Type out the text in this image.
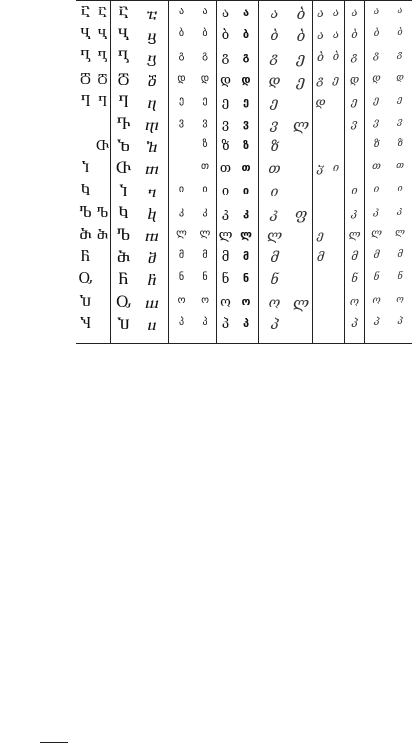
Ⴀ
Ⴁ
Ⴂ
Ⴃ
Ⴄ
Ⴈ
Ⴉ
Ⴊ
Ⴋ
Ⴌ
Ⴍ
Ⴎ
Ⴏ
Ⴀ
Ⴁ
Ⴂ
Ⴃ
Ⴄ
Ⴇ
Ⴊ
Ⴋ
Ⴀ
Ⴁ
Ⴂ
Ⴃ
Ⴄ
Ⴅ
Ⴆ
Ⴇ
Ⴈ
Ⴉ
Ⴊ
Ⴋ
Ⴌ
Ⴍ
Ⴎ
ⴀ
ⴁ
ⴂ
ⴃ
ⴄ
ⴅ
ⴆ
ⴇ
ⴈ
ⴉ
ⴊ
ⴋ
ⴌ
ⴍ
ⴎ
ა
ბ
გ
დ
ე
ვ
ი
კ
ლ
მ
ნ
ო
პ
ა
ბ
გ
დ
ე
ვ
ზ
თ
ი
კ
ლ
მ
ნ
ო
პ
ა
ბ
გ
დ
ე
ვ
ზ
თ
ი
კ
ლ
მ
ნ
ო
პ
ა
ბ
გ
დ
ე
ვ
ზ
თ
ი
კ
ლ
მ
ნ
ო
პ
ა
ბ
გ
დ
ე
ვ
ზ
თ
ი
კ
ლ
მ
ნ
ო
პ
ბ
ბ
ე
ე
ლ
ფ
ლ
ა
ა
ბ
გ
დ
ჳ
ე
მ
ა
ა
ბ
ე
ი
ა
ბ
გ
დ
ე
ვ
ი
კ
ლ
მ
ნ
ო
პ
ა
ბ
გ
დ
ე
ვ
ზ
თ
ი
კ
ლ
მ
ნ
ო
პ
ა
ბ
გ
დ
ე
ვ
ზ
თ
ი
კ
ლ
მ
ნ
ო
პ
